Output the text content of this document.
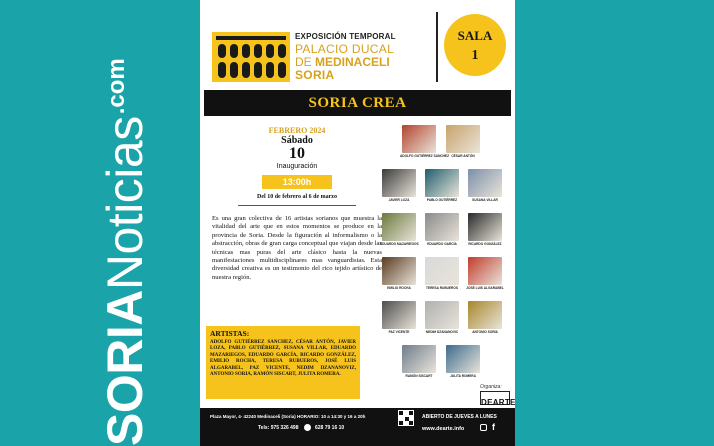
SORIANoticias.com
EXPOSICIÓN TEMPORAL
PALACIO DUCAL
DE MEDINACELI
SORIA
SALA
1
SORIA CREA
FEBRERO 2024
Sábado
10
Inauguración
13:00h
Del 10 de febrero al 6 de marzo
Es una gran colectiva de 16 artistas sorianos que muestra la vitalidad del arte que en estos momentos se produce en la provincia de Soria. Desde la figuración al informalismo o la abstracción, obras de gran carga conceptual que viajan desde las técnicas mas puras del arte clásico hasta la nuevas manifestaciones multidisciplinares mas vanguardistas. Esta diversidad creativa es un testimonio del rico tejido artístico de nuestra región.
ARTISTAS:
ADOLFO GUTIÉRREZ SANCHEZ, CÉSAR ANTÓN, JAVIER LOZA, PABLO GUTIÉRREZ, SUSANA VILLAR, EDUARDO MAZARIEGOS, EDUARDO GARCÍA, RICARDO GONZÁLEZ, EMILIO ROCHA, TERESA RUBUEROS, JOSÉ LUIS ALGARABEL, PAZ VICENTE, NEDIM DZANANOVIZ, ANTONIO SORIA, RAMÓN SISCART, JULITA ROMERA.
ADOLFO GUTIÉRREZ SANCHEZ CÉSAR ANTÓN
JAVIER LOZA	PABLO GUTIÉRREZ	SUSANA VILLAR
EDUARDO MAZARIEGOS	EDUARDO GARCÍA	RICARDO GONZÁLEZ
EMILIO ROCHA	TERESA RUBUEROS	JOSÉ LUIS ALGARABEL
PAZ VICENTE	NEDIM DZANANOVIC	ANTONIO SORIA
RAMÓN SISCART	JULITA ROMERA
Organiza:
DEARTE
Plaza Mayor, 4- 42240 Medinaceli (Soria) HORARIO: 10 a 14:30 y 16 a 20h
Tels: 975 326 498	628 79 16 10
ABIERTO DE JUEVES A LUNES
www.dearte.info	f
